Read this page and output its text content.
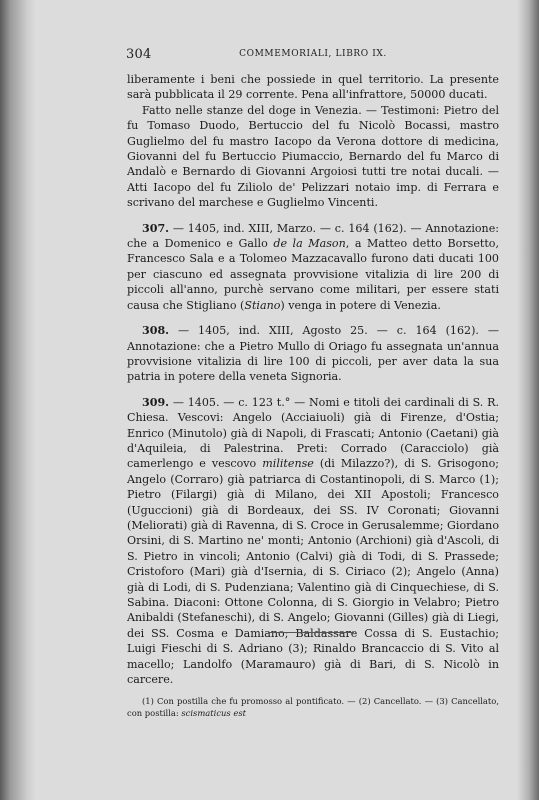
304	COMMEMORIALI, LIBRO IX.

liberamente i beni che possiede in quel territorio. La presente sarà pubblicata il 29 corrente. Pena all'infrattore, 50000 ducati.

Fatto nelle stanze del doge in Venezia. — Testimoni: Pietro del fu Tomaso Duodo, Bertuccio del fu Nicolò Bocassi, mastro Guglielmo del fu mastro Iacopo da Verona dottore di medicina, Giovanni del fu Bertuccio Piumaccio, Bernardo del fu Marco di Andalò e Bernardo di Giovanni Argoiosi tutti tre notai ducali. — Atti Iacopo del fu Ziliolo de' Pelizzari notaio imp. di Ferrara e scrivano del marchese e Guglielmo Vincenti.

307. — 1405, ind. XIII, Marzo. — c. 164 (162). — Annotazione: che a Domenico e Gallo de la Mason, a Matteo detto Borsetto, Francesco Sala e a Tolomeo Mazzacavallo furono dati ducati 100 per ciascuno ed assegnata provvisione vitalizia di lire 200 di piccoli all'anno, purchè servano come militari, per essere stati causa che Stigliano (Stiano) venga in potere di Venezia.

308. — 1405, ind. XIII, Agosto 25. — c. 164 (162). — Annotazione: che a Pietro Mullo di Oriago fu assegnata un'annua provvisione vitalizia di lire 100 di piccoli, per aver data la sua patria in potere della veneta Signoria.

309. — 1405. — c. 123 t.° — Nomi e titoli dei cardinali di S. R. Chiesa. Vescovi: Angelo (Acciaiuoli) già di Firenze, d'Ostia; Enrico (Minutolo) già di Napoli, di Frascati; Antonio (Caetani) già d'Aquileia, di Palestrina. Preti: Corrado (Caracciolo) già camerlengo e vescovo militense (di Milazzo?), di S. Grisogono; Angelo (Corraro) già patriarca di Costantinopoli, di S. Marco (1); Pietro (Filargi) già di Milano, dei XII Apostoli; Francesco (Uguccioni) già di Bordeaux, dei SS. IV Coronati; Giovanni (Meliorati) già di Ravenna, di S. Croce in Gerusalemme; Giordano Orsini, di S. Martino ne' monti; Antonio (Archioni) già d'Ascoli, di S. Pietro in vincoli; Antonio (Calvi) già di Todi, di S. Prassede; Cristoforo (Mari) già d'Isernia, di S. Ciriaco (2); Angelo (Anna) già di Lodi, di S. Pudenziana; Valentino già di Cinquechiese, di S. Sabina. Diaconi: Ottone Colonna, di S. Giorgio in Velabro; Pietro Anibaldi (Stefaneschi), di S. Angelo; Giovanni (Gilles) già di Liegi, dei SS. Cosma e Damiano; Baldassare Cossa di S. Eustachio; Luigi Fieschi di S. Adriano (3); Rinaldo Brancaccio di S. Vito al macello; Landolfo (Maramauro) già di Bari, di S. Nicolò in carcere.

(1) Con postilla che fu promosso al pontificato. — (2) Cancellato. — (3) Cancellato, con postilla: scismaticus est
